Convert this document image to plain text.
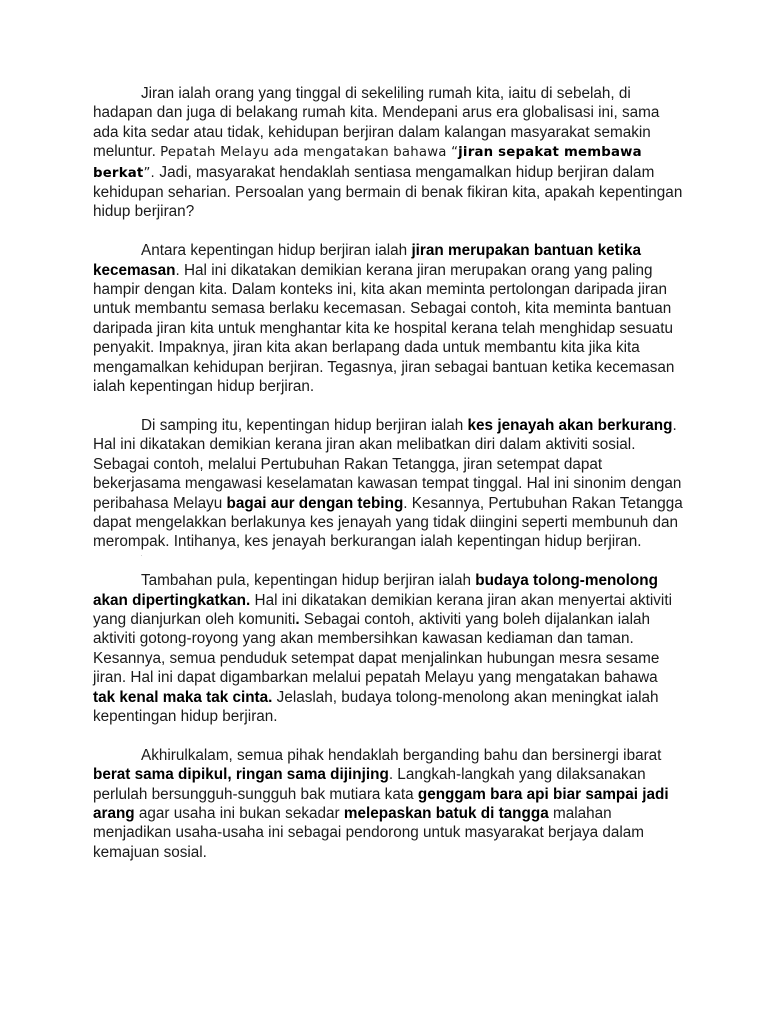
Jiran ialah orang yang tinggal di sekeliling rumah kita, iaitu di sebelah, di hadapan dan juga di belakang rumah kita. Mendepani arus era globalisasi ini, sama ada kita sedar atau tidak, kehidupan berjiran dalam kalangan masyarakat semakin meluntur. Pepatah Melayu ada mengatakan bahawa “jiran sepakat membawa berkat”. Jadi, masyarakat hendaklah sentiasa mengamalkan hidup berjiran dalam kehidupan seharian. Persoalan yang bermain di benak fikiran kita, apakah kepentingan hidup berjiran?

Antara kepentingan hidup berjiran ialah jiran merupakan bantuan ketika kecemasan. Hal ini dikatakan demikian kerana jiran merupakan orang yang paling hampir dengan kita. Dalam konteks ini, kita akan meminta pertolongan daripada jiran untuk membantu semasa berlaku kecemasan. Sebagai contoh, kita meminta bantuan daripada jiran kita untuk menghantar kita ke hospital kerana telah menghidap sesuatu penyakit. Impaknya, jiran kita akan berlapang dada untuk membantu kita jika kita mengamalkan kehidupan berjiran. Tegasnya, jiran sebagai bantuan ketika kecemasan ialah kepentingan hidup berjiran.

Di samping itu, kepentingan hidup berjiran ialah kes jenayah akan berkurang. Hal ini dikatakan demikian kerana jiran akan melibatkan diri dalam aktiviti sosial. Sebagai contoh, melalui Pertubuhan Rakan Tetangga, jiran setempat dapat bekerjasama mengawasi keselamatan kawasan tempat tinggal. Hal ini sinonim dengan peribahasa Melayu bagai aur dengan tebing. Kesannya, Pertubuhan Rakan Tetangga dapat mengelakkan berlakunya kes jenayah yang tidak diingini seperti membunuh dan merompak. Intihanya, kes jenayah berkurangan ialah kepentingan hidup berjiran.

Tambahan pula, kepentingan hidup berjiran ialah budaya tolong-menolong akan dipertingkatkan. Hal ini dikatakan demikian kerana jiran akan menyertai aktiviti yang dianjurkan oleh komuniti. Sebagai contoh, aktiviti yang boleh dijalankan ialah aktiviti gotong-royong yang akan membersihkan kawasan kediaman dan taman. Kesannya, semua penduduk setempat dapat menjalinkan hubungan mesra sesame jiran. Hal ini dapat digambarkan melalui pepatah Melayu yang mengatakan bahawa tak kenal maka tak cinta. Jelaslah, budaya tolong-menolong akan meningkat ialah kepentingan hidup berjiran.

Akhirulkalam, semua pihak hendaklah berganding bahu dan bersinergi ibarat berat sama dipikul, ringan sama dijinjing. Langkah-langkah yang dilaksanakan perlulah bersungguh-sungguh bak mutiara kata genggam bara api biar sampai jadi arang agar usaha ini bukan sekadar melepaskan batuk di tangga malahan menjadikan usaha-usaha ini sebagai pendorong untuk masyarakat berjaya dalam kemajuan sosial.
